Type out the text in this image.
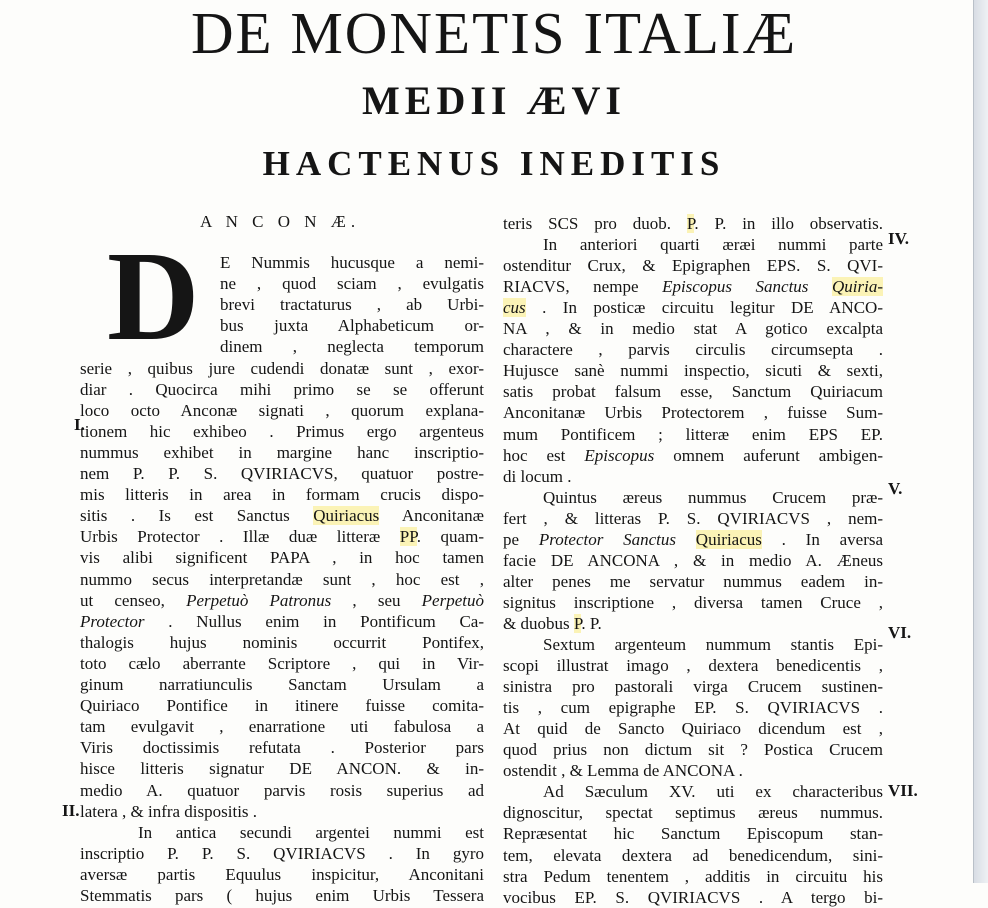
DE MONETIS ITALIÆ
MEDII ÆVI
HACTENUS INEDITIS
A N C O N Æ.
D
I.
II.
IV.
V.
VI.
VII.
E Nummis hucusque a nemi-
ne , quod sciam , evulgatis
brevi tractaturus , ab Urbi-
bus juxta Alphabeticum or-
dinem , neglecta temporum
serie , quibus jure cudendi donatæ sunt , exor-
diar . Quocirca mihi primo se se offerunt
loco octo Anconæ signati , quorum explana-
tionem hic exhibeo . Primus ergo argenteus
nummus exhibet in margine hanc inscriptio-
nem P. P. S. QVIRIACVS, quatuor postre-
mis litteris in area in formam crucis dispo-
sitis . Is est Sanctus Quiriacus Anconitanæ
Urbis Protector . Illæ duæ litteræ PP. quam-
vis alibi significent PAPA , in hoc tamen
nummo secus interpretandæ sunt , hoc est ,
ut censeo, Perpetuò Patronus , seu Perpetuò
Protector . Nullus enim in Pontificum Ca-
thalogis hujus nominis occurrit Pontifex,
toto cælo aberrante Scriptore , qui in Vir-
ginum narratiunculis Sanctam Ursulam a
Quiriaco Pontifice in itinere fuisse comita-
tam evulgavit , enarratione uti fabulosa a
Viris doctissimis refutata . Posterior pars
hisce litteris signatur DE ANCON. & in-
medio A. quatuor parvis rosis superius ad
latera , & infra dispositis .
In antica secundi argentei nummi est
inscriptio P. P. S. QVIRIACVS . In gyro
aversæ partis Equulus inspicitur, Anconitani
Stemmatis pars ( hujus enim Urbis Tessera
teris SCS pro duob. P. P. in illo observatis.
In anteriori quarti æræi nummi parte
ostenditur Crux, & Epigraphen EPS. S. QVI-
RIACVS, nempe Episcopus Sanctus Quiria-
cus . In posticæ circuitu legitur DE ANCO-
NA , & in medio stat A gotico excalpta
charactere , parvis circulis circumsepta .
Hujusce sanè nummi inspectio, sicuti & sexti,
satis probat falsum esse, Sanctum Quiriacum
Anconitanæ Urbis Protectorem , fuisse Sum-
mum Pontificem ; litteræ enim EPS EP.
hoc est Episcopus omnem auferunt ambigen-
di locum .
Quintus æreus nummus Crucem præ-
fert , & litteras P. S. QVIRIACVS , nem-
pe Protector Sanctus Quiriacus . In aversa
facie DE ANCONA , & in medio A. Æneus
alter penes me servatur nummus eadem in-
signitus inscriptione , diversa tamen Cruce ,
& duobus P. P.
Sextum argenteum nummum stantis Epi-
scopi illustrat imago , dextera benedicentis ,
sinistra pro pastorali virga Crucem sustinen-
tis , cum epigraphe EP. S. QVIRIACVS .
At quid de Sancto Quiriaco dicendum est ,
quod prius non dictum sit ? Postica Crucem
ostendit , & Lemma de ANCONA .
Ad Sæculum XV. uti ex characteribus
dignoscitur, spectat septimus æreus nummus.
Repræsentat hic Sanctum Episcopum stan-
tem, elevata dextera ad benedicendum, sini-
stra Pedum tenentem , additis in circuitu his
vocibus EP. S. QVIRIACVS . A tergo bi-
